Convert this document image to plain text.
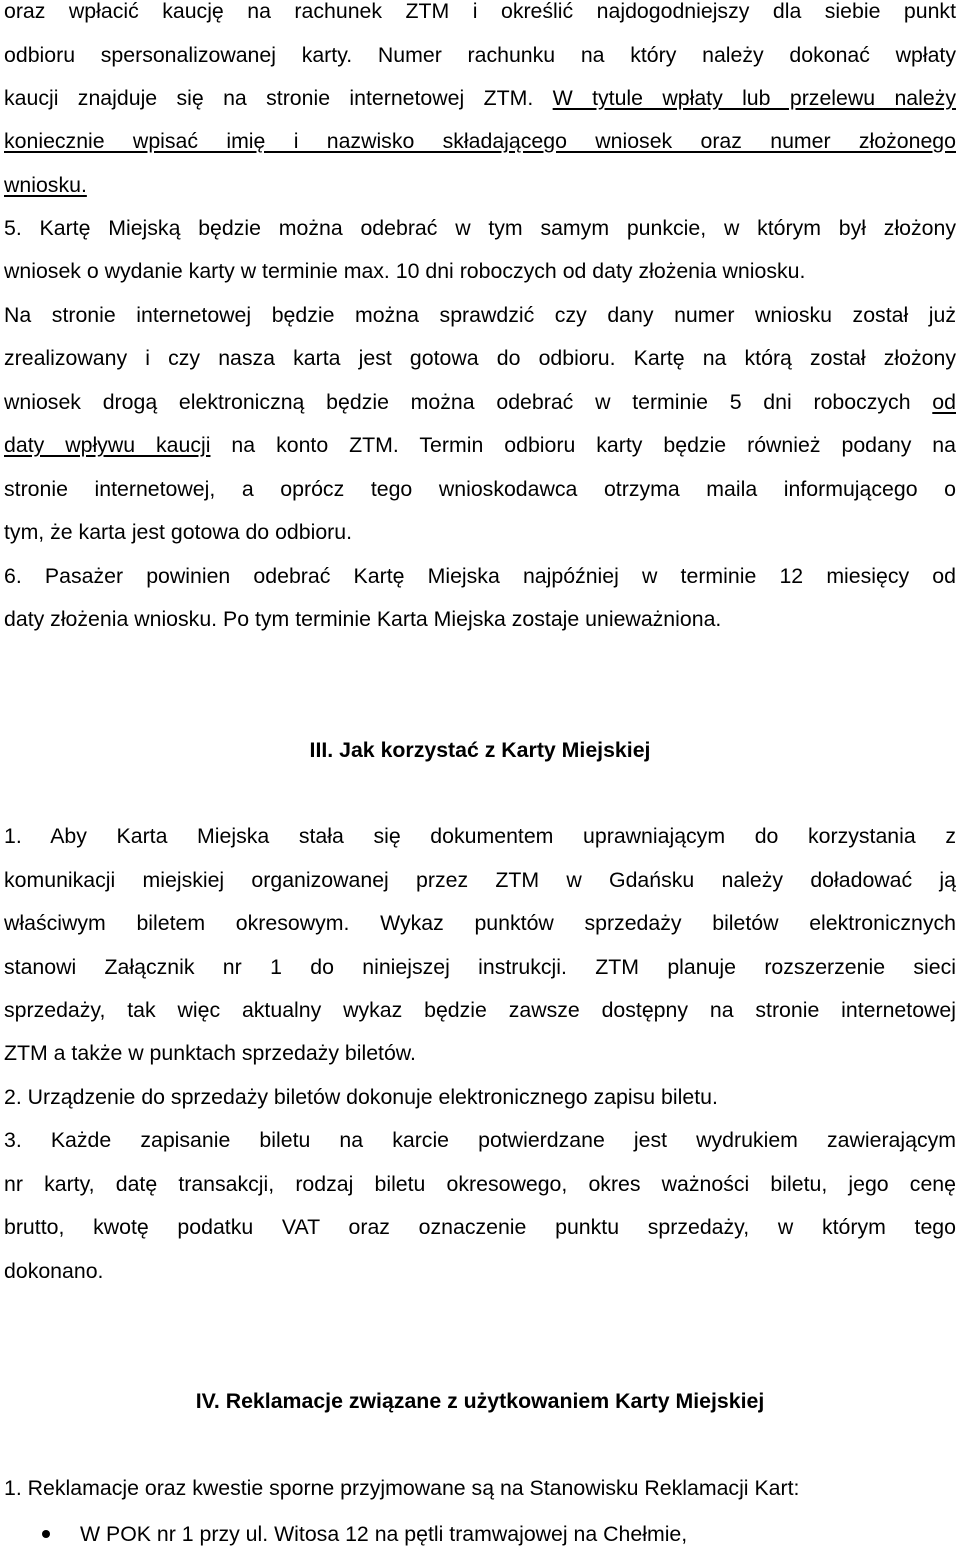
oraz wpłacić kaucję na rachunek ZTM i określić najdogodniejszy dla siebie punkt
odbioru spersonalizowanej karty. Numer rachunku na który należy dokonać wpłaty
kaucji znajduje się na stronie internetowej ZTM. W tytule wpłaty lub przelewu należy
koniecznie wpisać imię i nazwisko składającego wniosek oraz numer złożonego
wniosku.
5. Kartę Miejską będzie można odebrać w tym samym punkcie, w którym był złożony
wniosek o wydanie karty w terminie max. 10 dni roboczych od daty złożenia wniosku.
Na stronie internetowej będzie można sprawdzić czy dany numer wniosku został już
zrealizowany i czy nasza karta jest gotowa do odbioru. Kartę na którą został złożony
wniosek drogą elektroniczną będzie można odebrać w terminie 5 dni roboczych od
daty wpływu kaucji na konto ZTM. Termin odbioru karty będzie również podany na
stronie internetowej, a oprócz tego wnioskodawca otrzyma maila informującego o
tym, że karta jest gotowa do odbioru.
6. Pasażer powinien odebrać Kartę Miejska najpóźniej w terminie 12 miesięcy od
daty złożenia wniosku. Po tym terminie Karta Miejska zostaje unieważniona.
III. Jak korzystać z Karty Miejskiej
1. Aby Karta Miejska stała się dokumentem uprawniającym do korzystania z
komunikacji miejskiej organizowanej przez ZTM w Gdańsku należy doładować ją
właściwym biletem okresowym. Wykaz punktów sprzedaży biletów elektronicznych
stanowi Załącznik nr 1 do niniejszej instrukcji. ZTM planuje rozszerzenie sieci
sprzedaży, tak więc aktualny wykaz będzie zawsze dostępny na stronie internetowej
ZTM a także w punktach sprzedaży biletów.
2. Urządzenie do sprzedaży biletów dokonuje elektronicznego zapisu biletu.
3. Każde zapisanie biletu na karcie potwierdzane jest wydrukiem zawierającym
nr karty, datę transakcji, rodzaj biletu okresowego, okres ważności biletu, jego cenę
brutto, kwotę podatku VAT oraz oznaczenie punktu sprzedaży, w którym tego
dokonano.
IV. Reklamacje związane z użytkowaniem Karty Miejskiej
1. Reklamacje oraz kwestie sporne przyjmowane są na Stanowisku Reklamacji Kart:
W POK nr 1 przy ul. Witosa 12 na pętli tramwajowej na Chełmie,
